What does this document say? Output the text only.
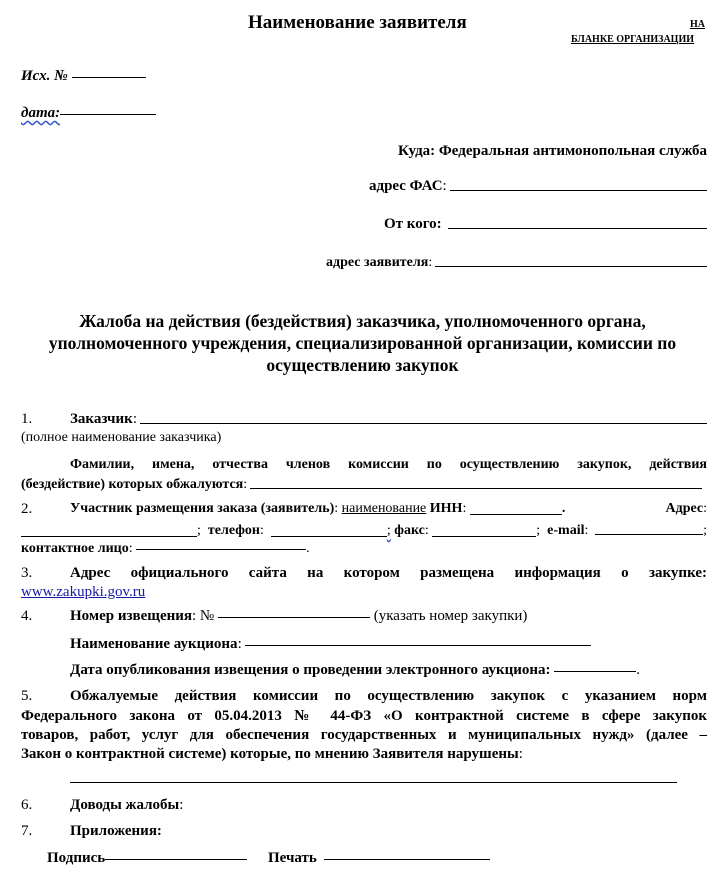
Наименование заявителя	НА
БЛАНКЕ ОРГАНИЗАЦИИ
Исх. №
дата:
Куда: Федеральная антимонопольная служба
адрес ФАС :
От кого:
адрес заявителя :
Жалоба на действия (бездействия) заказчика, уполномоченного органа,
уполномоченного учреждения, специализированной организации, комиссии по
осуществлению закупок
1.	Заказчик :
(полное наименование заказчика)
Фамилии, имена, отчества членов комиссии по осуществлению закупок, действия
(бездействие) которых обжалуются :
2.	Участник размещения заказа (заявитель) : наименование
ИНН :	.	Адрес :
; телефон :	;
факс :	; e-mail :	;
контактное лицо:	.
3.	Адрес официального сайта на котором размещена информация о закупке:
www.zakupki.gov.ru
4.	Номер извещения: №	(указать номер закупки)
Наименование аукциона:
Дата опубликования извещения о проведении электронного аукциона:	.
5.	Обжалуемые действия комиссии по осуществлению закупок с указанием норм
Федерального закона от 05.04.2013 № 44-ФЗ «О контрактной системе в сфере закупок
товаров, работ, услуг для обеспечения государственных и муниципальных нужд» (далее –
Закон о контрактной системе) которые, по мнению Заявителя нарушены:
6.	Доводы жалобы:
7.	Приложения:
Подпись	Печать
